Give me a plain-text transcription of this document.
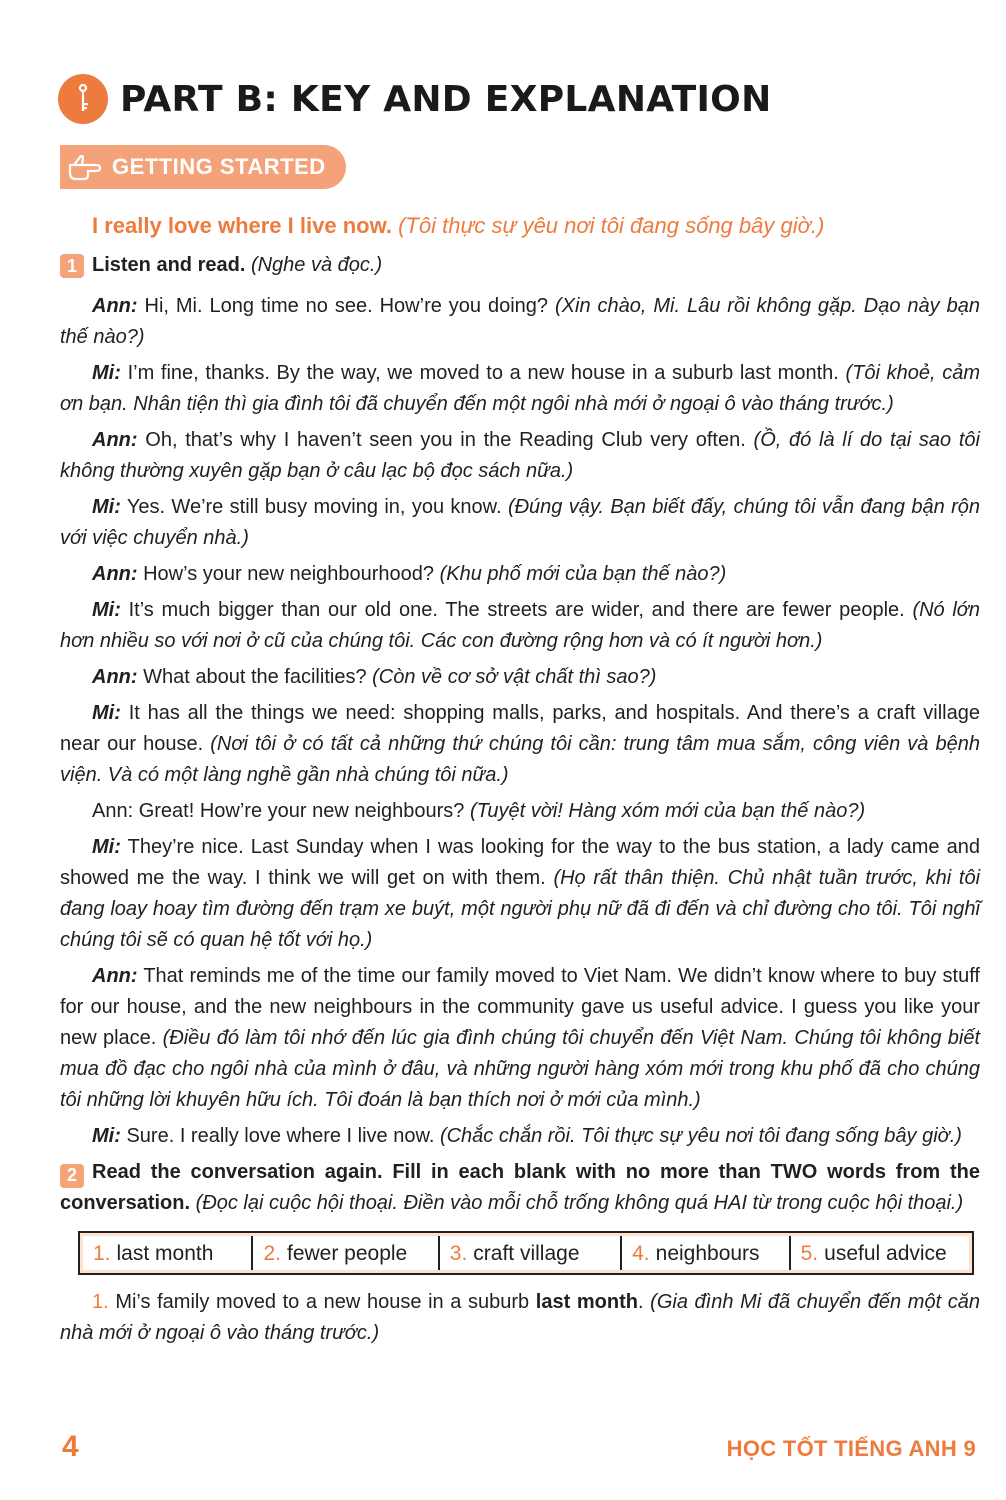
PART B: KEY AND EXPLANATION
GETTING STARTED

I really love where I live now. (Tôi thực sự yêu nơi tôi đang sống bây giờ.)

1 Listen and read. (Nghe và đọc.)

Ann: Hi, Mi. Long time no see. How’re you doing? (Xin chào, Mi. Lâu rồi không gặp. Dạo này bạn thế nào?)

Mi: I’m fine, thanks. By the way, we moved to a new house in a suburb last month. (Tôi khoẻ, cảm ơn bạn. Nhân tiện thì gia đình tôi đã chuyển đến một ngôi nhà mới ở ngoại ô vào tháng trước.)

Ann: Oh, that’s why I haven’t seen you in the Reading Club very often. (Ồ, đó là lí do tại sao tôi không thường xuyên gặp bạn ở câu lạc bộ đọc sách nữa.)

Mi: Yes. We’re still busy moving in, you know. (Đúng vậy. Bạn biết đấy, chúng tôi vẫn đang bận rộn với việc chuyển nhà.)

Ann: How’s your new neighbourhood? (Khu phố mới của bạn thế nào?)

Mi: It’s much bigger than our old one. The streets are wider, and there are fewer people. (Nó lớn hơn nhiều so với nơi ở cũ của chúng tôi. Các con đường rộng hơn và có ít người hơn.)

Ann: What about the facilities? (Còn về cơ sở vật chất thì sao?)

Mi: It has all the things we need: shopping malls, parks, and hospitals. And there’s a craft village near our house. (Nơi tôi ở có tất cả những thứ chúng tôi cần: trung tâm mua sắm, công viên và bệnh viện. Và có một làng nghề gần nhà chúng tôi nữa.)

Ann: Great! How’re your new neighbours? (Tuyệt vời! Hàng xóm mới của bạn thế nào?)

Mi: They’re nice. Last Sunday when I was looking for the way to the bus station, a lady came and showed me the way. I think we will get on with them. (Họ rất thân thiện. Chủ nhật tuần trước, khi tôi đang loay hoay tìm đường đến trạm xe buýt, một người phụ nữ đã đi đến và chỉ đường cho tôi. Tôi nghĩ chúng tôi sẽ có quan hệ tốt với họ.)

Ann: That reminds me of the time our family moved to Viet Nam. We didn’t know where to buy stuff for our house, and the new neighbours in the community gave us useful advice. I guess you like your new place. (Điều đó làm tôi nhớ đến lúc gia đình chúng tôi chuyển đến Việt Nam. Chúng tôi không biết mua đồ đạc cho ngôi nhà của mình ở đâu, và những người hàng xóm mới trong khu phố đã cho chúng tôi những lời khuyên hữu ích. Tôi đoán là bạn thích nơi ở mới của mình.)

Mi: Sure. I really love where I live now. (Chắc chắn rồi. Tôi thực sự yêu nơi tôi đang sống bây giờ.)

2 Read the conversation again. Fill in each blank with no more than TWO words from the conversation. (Đọc lại cuộc hội thoại. Điền vào mỗi chỗ trống không quá HAI từ trong cuộc hội thoại.)

1. last month 2. fewer people 3. craft village	4. neighbours 5. useful advice

1. Mi’s family moved to a new house in a suburb last month. (Gia đình Mi đã chuyển đến một căn nhà mới ở ngoại ô vào tháng trước.)

4	HỌC TỐT TIẾNG ANH 9
